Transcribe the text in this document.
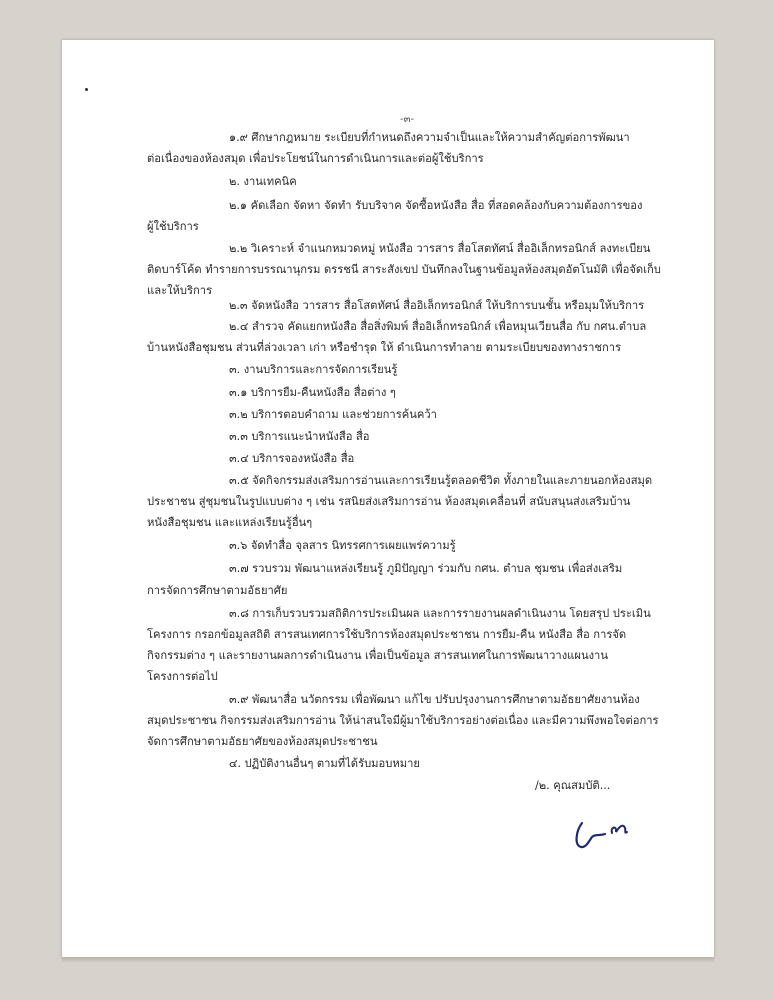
-๓-

๑.๙ ศึกษากฎหมาย ระเบียบที่กำหนดถึงความจำเป็นและให้ความสำคัญต่อการพัฒนา

ต่อเนื่องของห้องสมุด เพื่อประโยชน์ในการดำเนินการและต่อผู้ใช้บริการ

๒. งานเทคนิค

๒.๑ คัดเลือก จัดหา จัดทำ รับบริจาค จัดซื้อหนังสือ สื่อ ที่สอดคล้องกับความต้องการของ

ผู้ใช้บริการ

๒.๒ วิเคราะห์ จำแนกหมวดหมู่ หนังสือ วารสาร สื่อโสตทัศน์ สื่ออิเล็กทรอนิกส์ ลงทะเบียน

ติดบาร์โค้ด ทำรายการบรรณานุกรม ดรรชนี สาระสังเขป บันทึกลงในฐานข้อมูลห้องสมุดอัตโนมัติ เพื่อจัดเก็บ

และให้บริการ

๒.๓ จัดหนังสือ วารสาร สื่อโสตทัศน์ สื่ออิเล็กทรอนิกส์ ให้บริการบนชั้น หรือมุมให้บริการ

๒.๔ สำรวจ คัดแยกหนังสือ สื่อสิ่งพิมพ์ สื่ออิเล็กทรอนิกส์ เพื่อหมุนเวียนสื่อ กับ กศน.ตำบล

บ้านหนังสือชุมชน ส่วนที่ล่วงเวลา เก่า หรือชำรุด ให้ ดำเนินการทำลาย ตามระเบียบของทางราชการ

๓. งานบริการและการจัดการเรียนรู้

๓.๑ บริการยืม-คืนหนังสือ สื่อต่าง ๆ

๓.๒ บริการตอบคำถาม และช่วยการค้นคว้า

๓.๓ บริการแนะนำหนังสือ สื่อ

๓.๔ บริการจองหนังสือ สื่อ

๓.๕ จัดกิจกรรมส่งเสริมการอ่านและการเรียนรู้ตลอดชีวิต ทั้งภายในและภายนอกห้องสมุด

ประชาชน สู่ชุมชนในรูปแบบต่าง ๆ เช่น รสนิยส่งเสริมการอ่าน ห้องสมุดเคลื่อนที่ สนับสนุนส่งเสริมบ้าน

หนังสือชุมชน และแหล่งเรียนรู้อื่นๆ

๓.๖ จัดทำสื่อ จุลสาร นิทรรศการเผยแพร่ความรู้

๓.๗ รวบรวม พัฒนาแหล่งเรียนรู้ ภูมิปัญญา ร่วมกับ กศน. ตำบล ชุมชน เพื่อส่งเสริม

การจัดการศึกษาตามอัธยาศัย

๓.๘ การเก็บรวบรวมสถิติการประเมินผล และการรายงานผลดำเนินงาน โดยสรุป ประเมิน

โครงการ กรอกข้อมูลสถิติ สารสนเทศการใช้บริการห้องสมุดประชาชน การยืม-คืน หนังสือ สื่อ การจัด

กิจกรรมต่าง ๆ และรายงานผลการดำเนินงาน เพื่อเป็นข้อมูล สารสนเทศในการพัฒนาวางแผนงาน

โครงการต่อไป

๓.๙ พัฒนาสื่อ นวัตกรรม เพื่อพัฒนา แก้ไข ปรับปรุงงานการศึกษาตามอัธยาศัยงานห้อง

สมุดประชาชน กิจกรรมส่งเสริมการอ่าน ให้น่าสนใจมีผู้มาใช้บริการอย่างต่อเนื่อง และมีความพึงพอใจต่อการ

จัดการศึกษาตามอัธยาศัยของห้องสมุดประชาชน

๔. ปฏิบัติงานอื่นๆ ตามที่ได้รับมอบหมาย

/๒. คุณสมบัติ...
